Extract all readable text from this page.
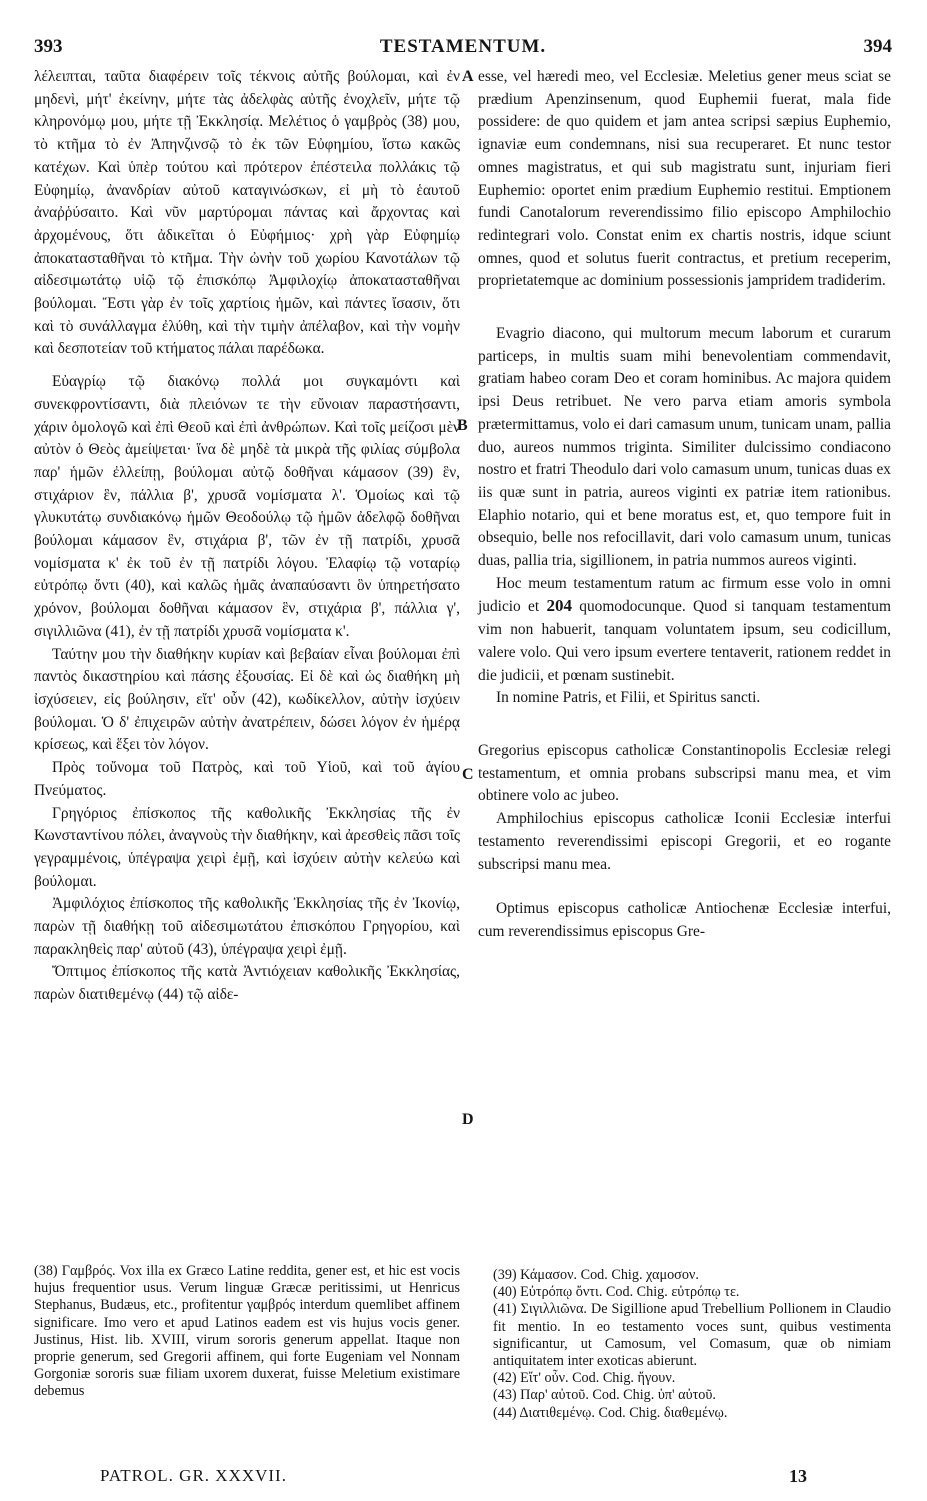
393	TESTAMENTUM.	394

λέλειπται, ταῦτα διαφέρειν τοῖς τέκνοις αὐτῆς βούλομαι, καὶ ἐν μηδενὶ, μήτ' ἐκείνην, μήτε τὰς ἀδελφὰς αὐτῆς ἐνοχλεῖν, μήτε τῷ κληρονόμῳ μου, μήτε τῇ Ἐκκλησίᾳ. Μελέτιος ὁ γαμβρὸς (38) μου, τὸ κτῆμα τὸ ἐν Ἀπηνζινσῷ τὸ ἐκ τῶν Εὐφημίου, ἴστω κακῶς κατέχων. Καὶ ὑπὲρ τούτου καὶ πρότερον ἐπέστειλα πολλάκις τῷ Εὐφημίῳ, ἀνανδρίαν αὐτοῦ καταγινώσκων, εἰ μὴ τὸ ἑαυτοῦ ἀναῤῥύσαιτο. Καὶ νῦν μαρτύρομαι πάντας καὶ ἄρχοντας καὶ ἀρχομένους, ὅτι ἀδικεῖται ὁ Εὐφήμιος· χρὴ γὰρ Εὐφημίῳ ἀποκατασταθῆναι τὸ κτῆμα. Τὴν ὠνὴν τοῦ χωρίου Κανοτάλων τῷ αἰδεσιμωτάτῳ υἱῷ τῷ ἐπισκόπῳ Ἀμφιλοχίῳ ἀποκατασταθῆναι βούλομαι. Ἔστι γὰρ ἐν τοῖς χαρτίοις ἡμῶν, καὶ πάντες ἴσασιν, ὅτι καὶ τὸ συνάλλαγμα ἐλύθη, καὶ τὴν τιμὴν ἀπέλαβον, καὶ τὴν νομὴν καὶ δεσποτείαν τοῦ κτήματος πάλαι παρέδωκα.

Εὐαγρίῳ τῷ διακόνῳ πολλά μοι συγκαμόντι καὶ συνεκφροντίσαντι, διὰ πλειόνων τε τὴν εὔνοιαν παραστήσαντι, χάριν ὁμολογῶ καὶ ἐπὶ Θεοῦ καὶ ἐπὶ ἀνθρώπων. Καὶ τοῖς μείζοσι μὲν αὐτὸν ὁ Θεὸς ἀμείψεται· ἵνα δὲ μηδὲ τὰ μικρὰ τῆς φιλίας σύμβολα παρ' ἡμῶν ἐλλείπῃ, βούλομαι αὐτῷ δοθῆναι κάμασον (39) ἓν, στιχάριον ἓν, πάλλια β', χρυσᾶ νομίσματα λ'. Ὁμοίως καὶ τῷ γλυκυτάτῳ συνδιακόνῳ ἡμῶν Θεοδούλῳ τῷ ἡμῶν ἀδελφῷ δοθῆναι βούλομαι κάμασον ἓν, στιχάρια β', τῶν ἐν τῇ πατρίδι, χρυσᾶ νομίσματα κ' ἐκ τοῦ ἐν τῇ πατρίδι λόγου. Ἐλαφίῳ τῷ νοταρίῳ εὐτρόπῳ ὄντι (40), καὶ καλῶς ἡμᾶς ἀναπαύσαντι ὃν ὑπηρετήσατο χρόνον, βούλομαι δοθῆναι κάμασον ἓν, στιχάρια β', πάλλια γ', σιγιλλιῶνα (41), ἐν τῇ πατρίδι χρυσᾶ νομίσματα κ'.

Ταύτην μου τὴν διαθήκην κυρίαν καὶ βεβαίαν εἶναι βούλομαι ἐπὶ παντὸς δικαστηρίου καὶ πάσης ἐξουσίας. Εἰ δὲ καὶ ὡς διαθήκη μὴ ἰσχύσειεν, εἰς βούλησιν, εἴτ' οὖν (42), κωδίκελλον, αὐτὴν ἰσχύειν βούλομαι. Ὁ δ' ἐπιχειρῶν αὐτὴν ἀνατρέπειν, δώσει λόγον ἐν ἡμέρᾳ κρίσεως, καὶ ἕξει τὸν λόγον.

Πρὸς τοὔνομα τοῦ Πατρὸς, καὶ τοῦ Υἱοῦ, καὶ τοῦ ἁγίου Πνεύματος.

Γρηγόριος ἐπίσκοπος τῆς καθολικῆς Ἐκκλησίας τῆς ἐν Κωνσταντίνου πόλει, ἀναγνοὺς τὴν διαθήκην, καὶ ἀρεσθεὶς πᾶσι τοῖς γεγραμμένοις, ὑπέγραψα χειρὶ ἐμῇ, καὶ ἰσχύειν αὐτὴν κελεύω καὶ βούλομαι.

Ἀμφιλόχιος ἐπίσκοπος τῆς καθολικῆς Ἐκκλησίας τῆς ἐν Ἰκονίῳ, παρὼν τῇ διαθήκῃ τοῦ αἰδεσιμωτάτου ἐπισκόπου Γρηγορίου, καὶ παρακληθεὶς παρ' αὐτοῦ (43), ὑπέγραψα χειρὶ ἐμῇ.

Ὄπτιμος ἐπίσκοπος τῆς κατὰ Ἀντιόχειαν καθολικῆς Ἐκκλησίας, παρὼν διατιθεμένῳ (44) τῷ αἰδε-

A
B
C
D

esse, vel hæredi meo, vel Ecclesiæ. Meletius gener meus sciat se prædium Apenzinsenum, quod Euphemii fuerat, mala fide possidere: de quo quidem et jam antea scripsi sæpius Euphemio, ignaviæ eum condemnans, nisi sua recuperaret. Et nunc testor omnes magistratus, et qui sub magistratu sunt, injuriam fieri Euphemio: oportet enim prædium Euphemio restitui. Emptionem fundi Canotalorum reverendissimo filio episcopo Amphilochio redintegrari volo. Constat enim ex chartis nostris, idque sciunt omnes, quod et solutus fuerit contractus, et pretium receperim, proprietatemque ac dominium possessionis jampridem tradiderim.

Evagrio diacono, qui multorum mecum laborum et curarum particeps, in multis suam mihi benevolentiam commendavit, gratiam habeo coram Deo et coram hominibus. Ac majora quidem ipsi Deus retribuet. Ne vero parva etiam amoris symbola prætermittamus, volo ei dari camasum unum, tunicam unam, pallia duo, aureos nummos triginta. Similiter dulcissimo condiacono nostro et fratri Theodulo dari volo camasum unum, tunicas duas ex iis quæ sunt in patria, aureos viginti ex patriæ item rationibus. Elaphio notario, qui et bene moratus est, et, quo tempore fuit in obsequio, belle nos refocillavit, dari volo camasum unum, tunicas duas, pallia tria, sigillionem, in patria nummos aureos viginti.

Hoc meum testamentum ratum ac firmum esse volo in omni judicio et 204 quomodocunque. Quod si tanquam testamentum vim non habuerit, tanquam voluntatem ipsum, seu codicillum, valere volo. Qui vero ipsum evertere tentaverit, rationem reddet in die judicii, et pœnam sustinebit.

In nomine Patris, et Filii, et Spiritus sancti.

Gregorius episcopus catholicæ Constantinopolis Ecclesiæ relegi testamentum, et omnia probans subscripsi manu mea, et vim obtinere volo ac jubeo.

Amphilochius episcopus catholicæ Iconii Ecclesiæ interfui testamento reverendissimi episcopi Gregorii, et eo rogante subscripsi manu mea.

Optimus episcopus catholicæ Antiochenæ Ecclesiæ interfui, cum reverendissimus episcopus Gre-

(38) Γαμβρός. Vox illa ex Græco Latine reddita, gener est, et hic est vocis hujus frequentior usus. Verum linguæ Græcæ peritissimi, ut Henricus Stephanus, Budæus, etc., profitentur γαμβρός interdum quemlibet affinem significare. Imo vero et apud Latinos eadem est vis hujus vocis gener. Justinus, Hist. lib. XVIII, virum sororis generum appellat. Itaque non proprie generum, sed Gregorii affinem, qui forte Eugeniam vel Nonnam Gorgoniæ sororis suæ filiam uxorem duxerat, fuisse Meletium existimare debemus

(39) Κάμασον. Cod. Chig. χαμοσον.

(40) Εὐτρόπῳ ὄντι. Cod. Chig. εὐτρόπῳ τε.

(41) Σιγιλλιῶνα. De Sigillione apud Trebellium Pollionem in Claudio fit mentio. In eo testamento voces sunt, quibus vestimenta significantur, ut Camosum, vel Comasum, quæ ob nimiam antiquitatem inter exoticas abierunt.

(42) Εἴτ' οὖν. Cod. Chig. ἤγουν.

(43) Παρ' αὐτοῦ. Cod. Chig. ὑπ' αὐτοῦ.

(44) Διατιθεμένῳ. Cod. Chig. διαθεμένῳ.

PATROL. GR. XXXVII.	13
